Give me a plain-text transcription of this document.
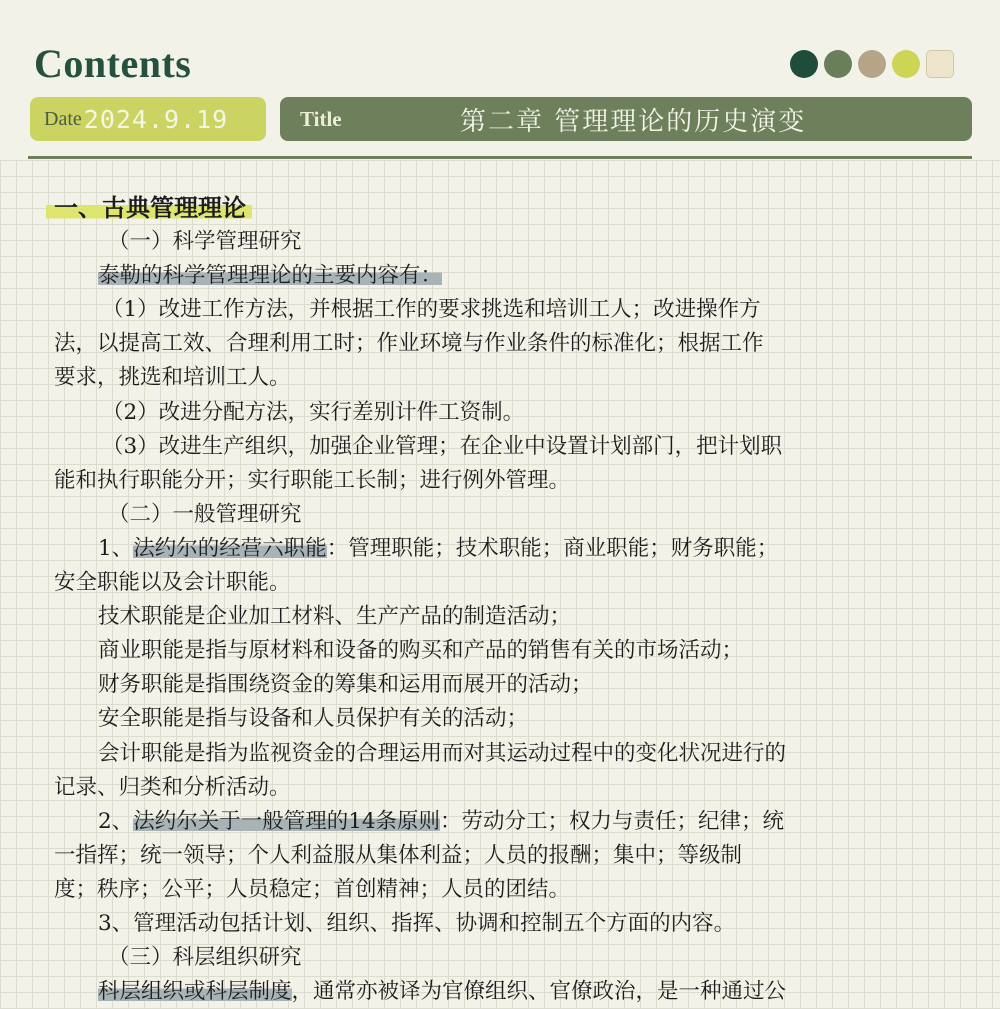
Contents
Date 2024.9.19	Title	第二章 管理理论的历史演变
一、古典管理理论
（一）科学管理研究
泰勒的科学管理理论的主要内容有：
（1）改进工作方法，并根据工作的要求挑选和培训工人；改进操作方
法，以提高工效、合理利用工时；作业环境与作业条件的标准化；根据工作
要求，挑选和培训工人。
（2）改进分配方法，实行差别计件工资制。
（3）改进生产组织，加强企业管理；在企业中设置计划部门，把计划职
能和执行职能分开；实行职能工长制；进行例外管理。
（二）一般管理研究
1、法约尔的经营六职能：管理职能；技术职能；商业职能；财务职能；
安全职能以及会计职能。
技术职能是企业加工材料、生产产品的制造活动；
商业职能是指与原材料和设备的购买和产品的销售有关的市场活动；
财务职能是指围绕资金的筹集和运用而展开的活动；
安全职能是指与设备和人员保护有关的活动；
会计职能是指为监视资金的合理运用而对其运动过程中的变化状况进行的
记录、归类和分析活动。
2、法约尔关于一般管理的14条原则：劳动分工；权力与责任；纪律；统
一指挥；统一领导；个人利益服从集体利益；人员的报酬；集中；等级制
度；秩序；公平；人员稳定；首创精神；人员的团结。
3、管理活动包括计划、组织、指挥、协调和控制五个方面的内容。
（三）科层组织研究
科层组织或科层制度，通常亦被译为官僚组织、官僚政治，是一种通过公
